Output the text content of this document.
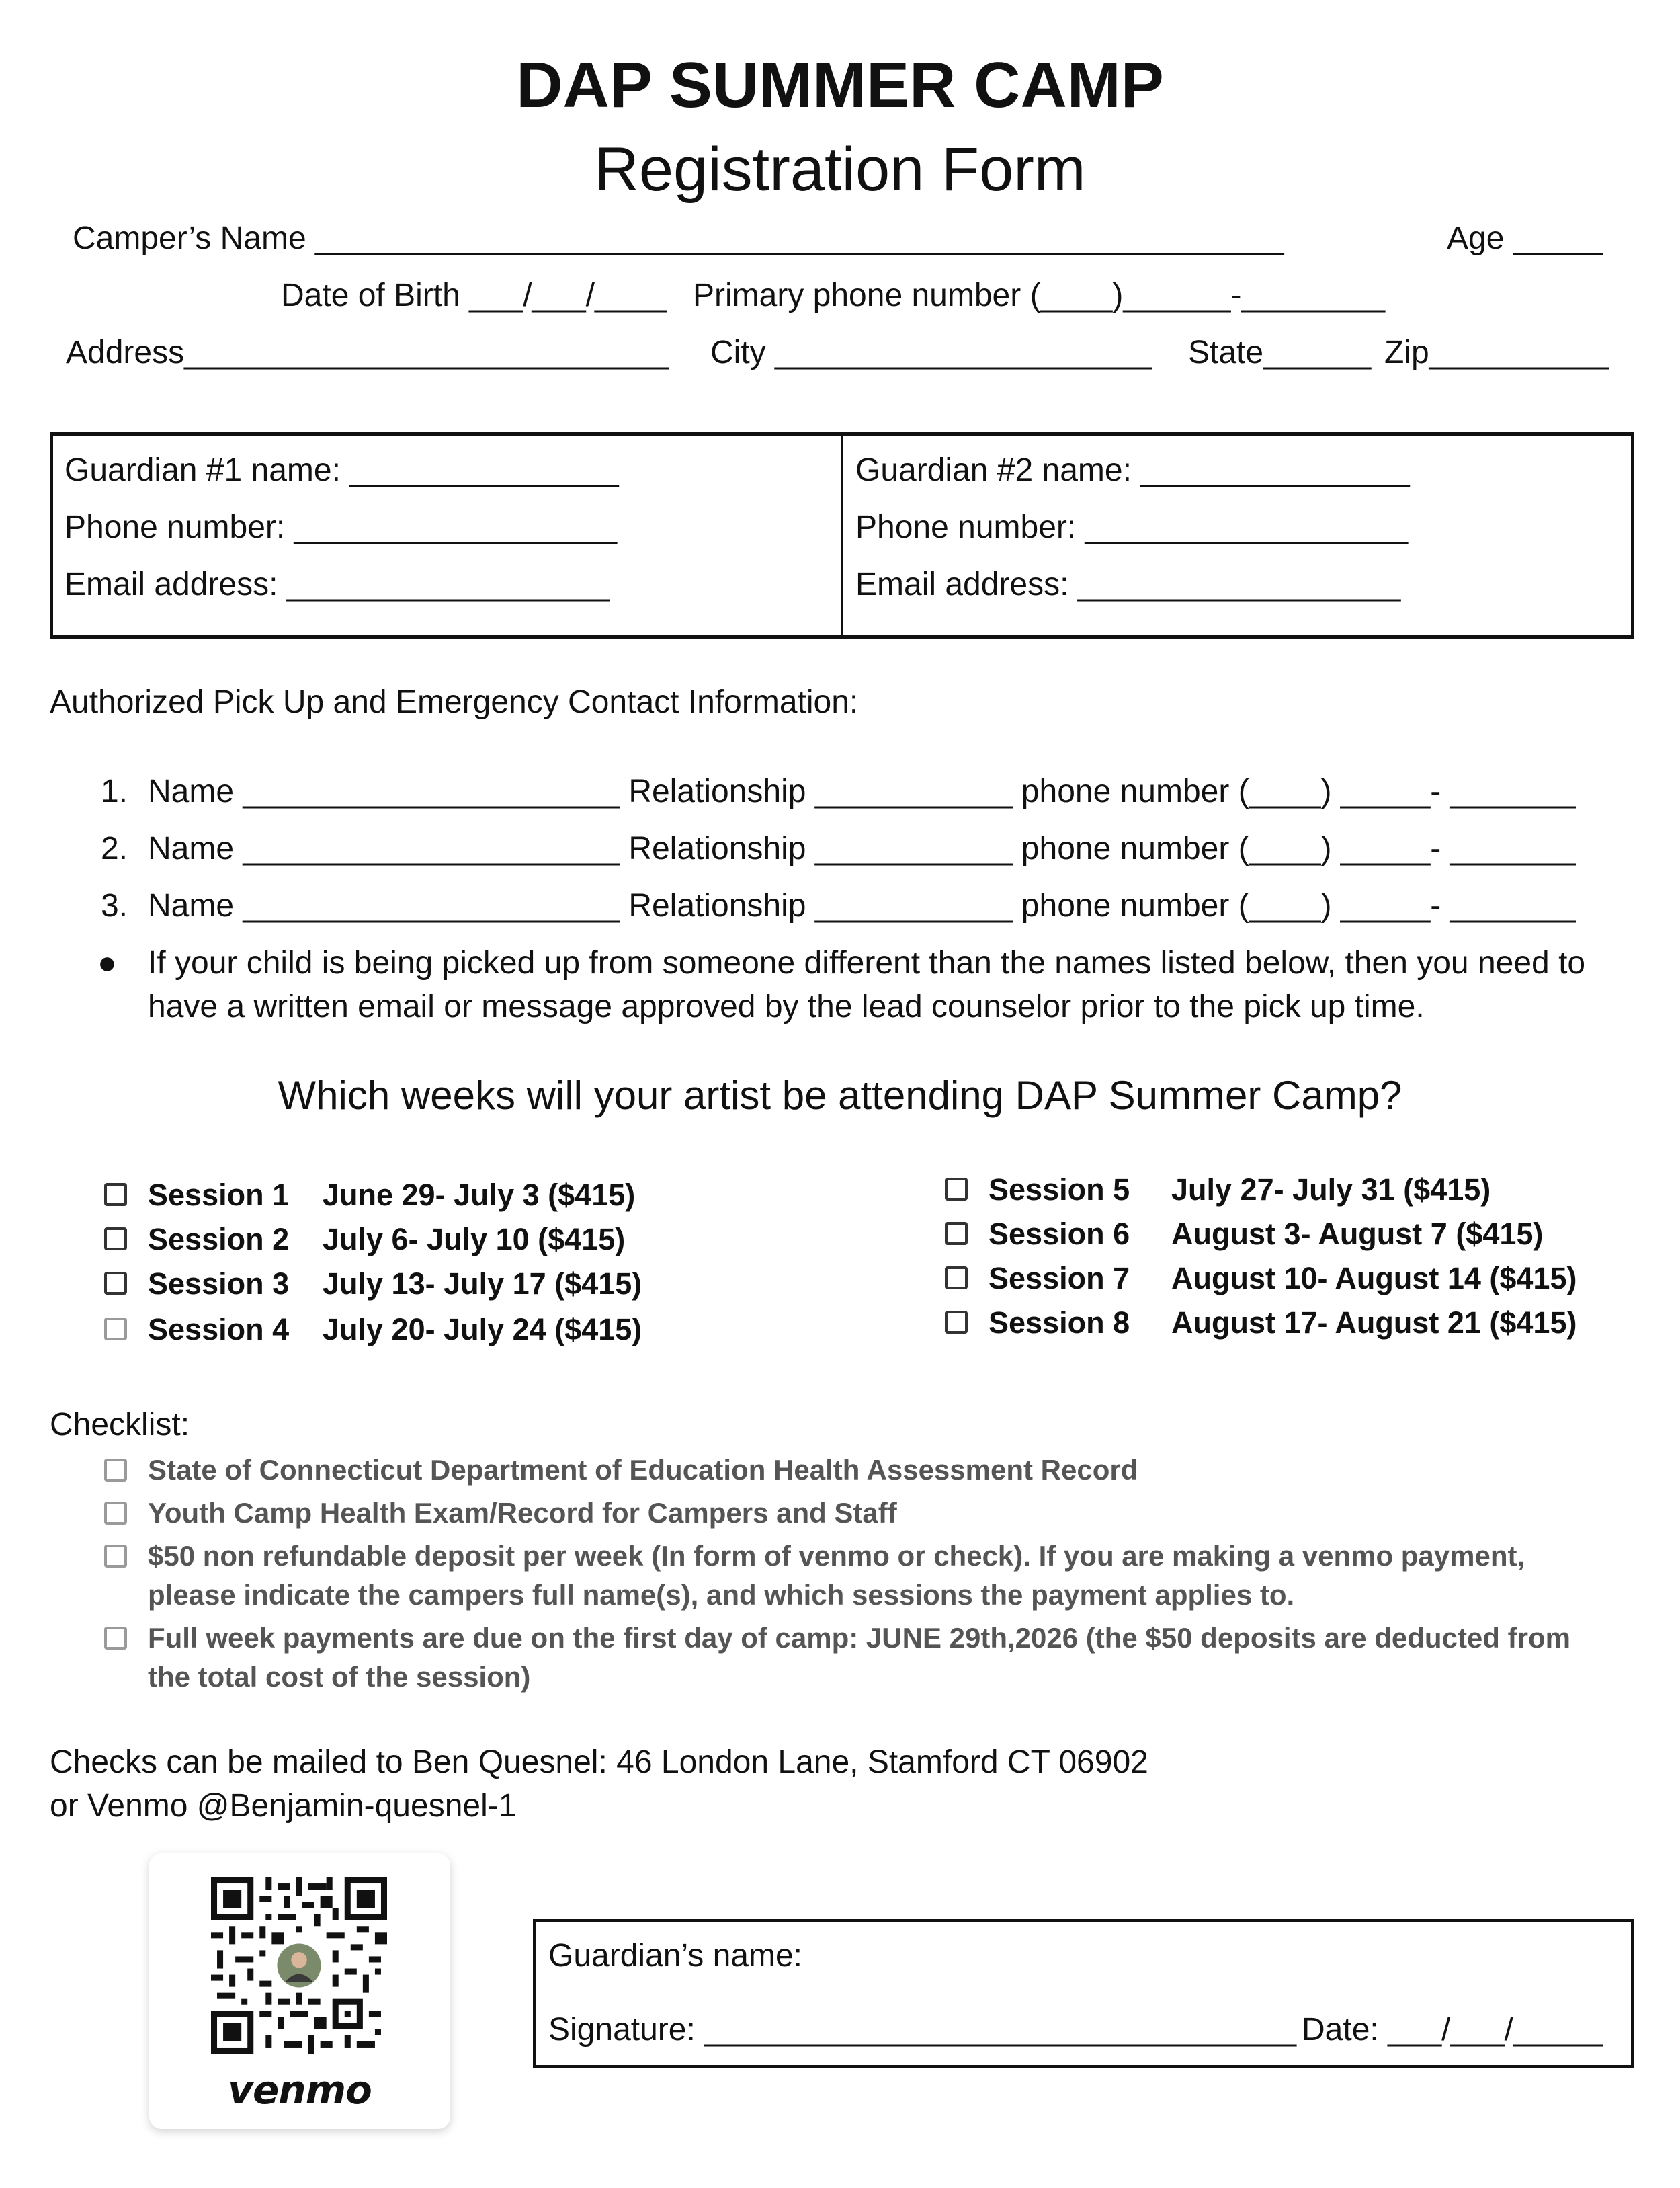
DAP SUMMER CAMP
Registration Form
Camper’s Name ______________________________________________________	Age _____
Date of Birth ___/___/____ Primary phone number (____)______-________
Address___________________________ City _____________________ State______ Zip__________
Guardian #1 name: _______________
Phone number: __________________
Email address: __________________
Guardian #2 name: _______________
Phone number: __________________
Email address: __________________
Authorized Pick Up and Emergency Contact Information:
1. Name _____________________ Relationship ___________ phone number (____) _____- _______
2. Name _____________________ Relationship ___________ phone number (____) _____- _______
3. Name _____________________ Relationship ___________ phone number (____) _____- _______
● If your child is being picked up from someone different than the names listed below, then you need to
have a written email or message approved by the lead counselor prior to the pick up time.
Which weeks will your artist be attending DAP Summer Camp?
Session 1 June 29- July 3 ($415)
Session 2 July 6- July 10 ($415)
Session 3 July 13- July 17 ($415)
Session 4 July 20- July 24 ($415)
Session 5 July 27- July 31 ($415)
Session 6 August 3- August 7 ($415)
Session 7 August 10- August 14 ($415)
Session 8 August 17- August 21 ($415)
Checklist:
State of Connecticut Department of Education Health Assessment Record
Youth Camp Health Exam/Record for Campers and Staff
$50 non refundable deposit per week (In form of venmo or check). If you are making a venmo payment,
please indicate the campers full name(s), and which sessions the payment applies to.
Full week payments are due on the first day of camp: JUNE 29th,2026 (the $50 deposits are deducted from
the total cost of the session)
Checks can be mailed to Ben Quesnel: 46 London Lane, Stamford CT 06902
or Venmo @Benjamin-quesnel-1
venmo
Guardian’s name:
Signature: _________________________________ Date: ___/___/_____
